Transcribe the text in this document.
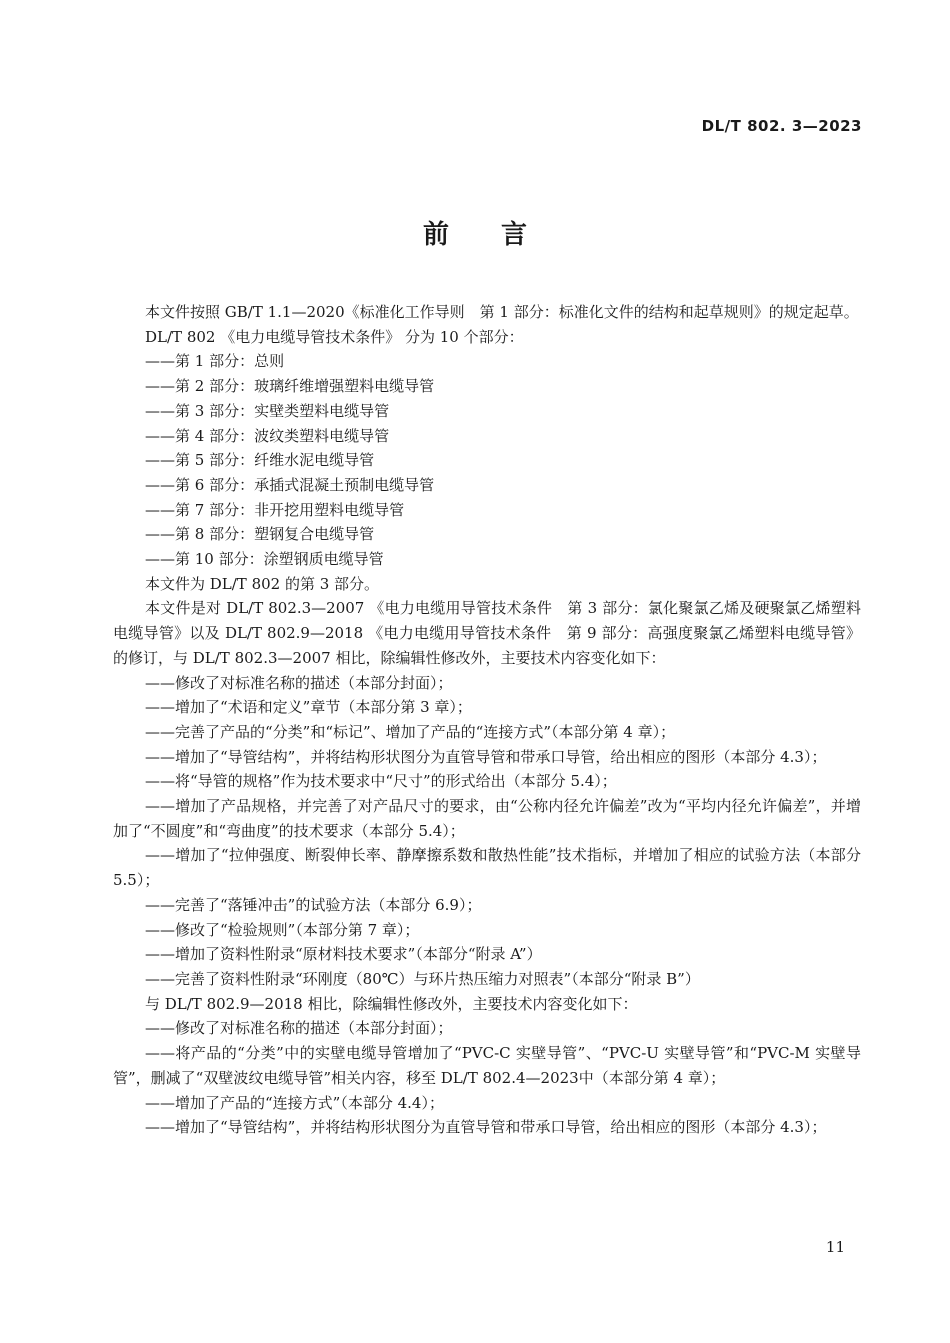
DL/T 802. 3—2023
前 言

本文件按照 GB/T 1.1—2020《标准化工作导则　第 1 部分：标准化文件的结构和起草规则》的规定起草。

DL/T 802 《电力电缆导管技术条件》 分为 10 个部分：

——第 1 部分：总则

——第 2 部分：玻璃纤维增强塑料电缆导管

——第 3 部分：实壁类塑料电缆导管

——第 4 部分：波纹类塑料电缆导管

——第 5 部分：纤维水泥电缆导管

——第 6 部分：承插式混凝土预制电缆导管

——第 7 部分：非开挖用塑料电缆导管

——第 8 部分：塑钢复合电缆导管

——第 10 部分：涂塑钢质电缆导管

本文件为 DL/T 802 的第 3 部分。

本文件是对 DL/T 802.3—2007 《电力电缆用导管技术条件　第 3 部分：氯化聚氯乙烯及硬聚氯乙烯塑料电缆导管》以及 DL/T 802.9—2018 《电力电缆用导管技术条件　第 9 部分：高强度聚氯乙烯塑料电缆导管》的修订，与 DL/T 802.3—2007 相比，除编辑性修改外，主要技术内容变化如下：

——修改了对标准名称的描述（本部分封面）；

——增加了“术语和定义”章节（本部分第 3 章）；

——完善了产品的“分类”和“标记”、增加了产品的“连接方式”（本部分第 4 章）；

——增加了“导管结构”，并将结构形状图分为直管导管和带承口导管，给出相应的图形（本部分 4.3）；

——将“导管的规格”作为技术要求中“尺寸”的形式给出（本部分 5.4）；

——增加了产品规格，并完善了对产品尺寸的要求，由“公称内径允许偏差”改为“平均内径允许偏差”，并增加了“不圆度”和“弯曲度”的技术要求（本部分 5.4）；

——增加了“拉伸强度、断裂伸长率、静摩擦系数和散热性能”技术指标，并增加了相应的试验方法（本部分 5.5）；

——完善了“落锤冲击”的试验方法（本部分 6.9）；

——修改了“检验规则”（本部分第 7 章）；

——增加了资料性附录“原材料技术要求”（本部分“附录 A”）

——完善了资料性附录“环刚度（80℃）与环片热压缩力对照表”（本部分“附录 B”）

与 DL/T 802.9—2018 相比，除编辑性修改外，主要技术内容变化如下：

——修改了对标准名称的描述（本部分封面）；

——将产品的“分类”中的实壁电缆导管增加了“PVC-C 实壁导管”、“PVC-U 实壁导管”和“PVC-M 实壁导管”，删减了“双壁波纹电缆导管”相关内容，移至 DL/T 802.4—2023中（本部分第 4 章）；

——增加了产品的“连接方式”（本部分 4.4）；

——增加了“导管结构”，并将结构形状图分为直管导管和带承口导管，给出相应的图形（本部分 4.3）；

11
